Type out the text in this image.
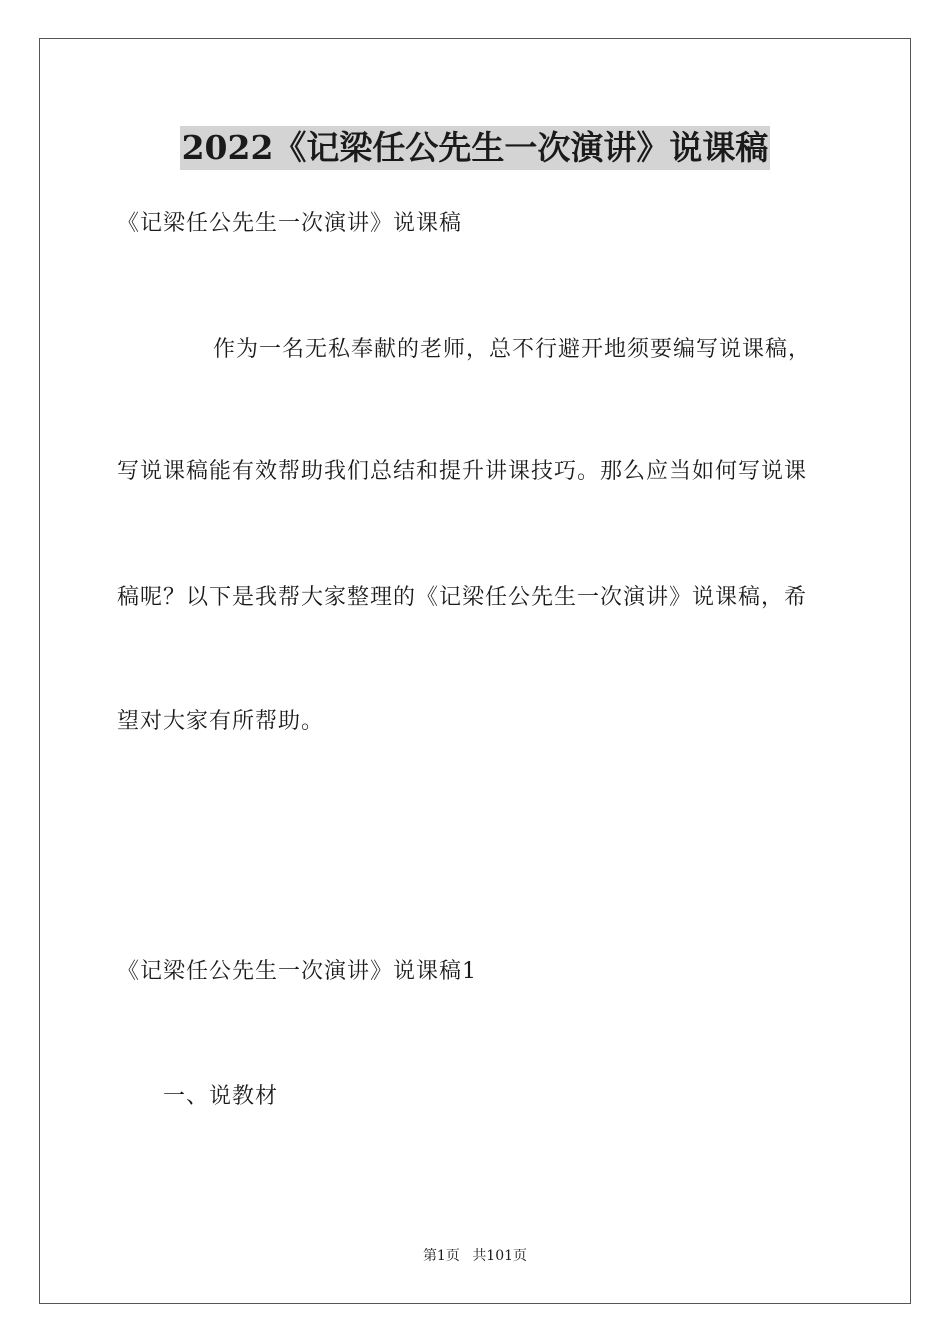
2022《记梁任公先生一次演讲》说课稿
《记梁任公先生一次演讲》说课稿
作为一名无私奉献的老师，总不行避开地须要编写说课稿，
写说课稿能有效帮助我们总结和提升讲课技巧。那么应当如何写说课
稿呢？以下是我帮大家整理的《记梁任公先生一次演讲》说课稿，希
望对大家有所帮助。
《记梁任公先生一次演讲》说课稿1
一、说教材
第1页 共101页
